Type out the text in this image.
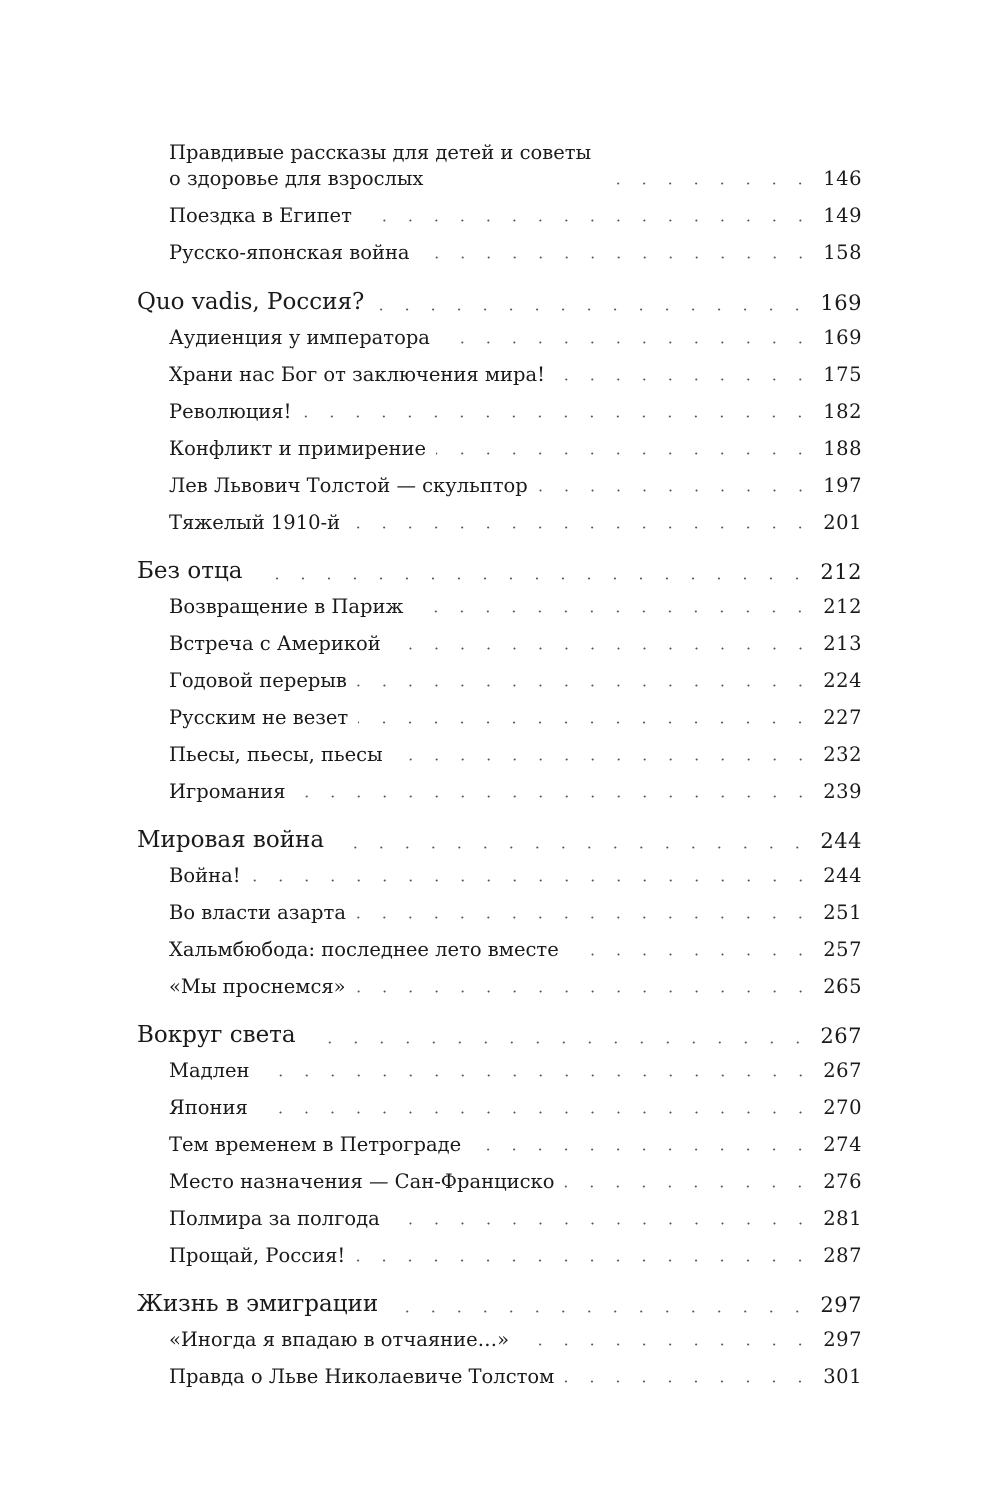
Правдивые рассказы для детей и советы
о здоровье для взрослых	146
Поездка в Египет	149
Русско-японская война	158
Quo vadis, Россия?	169
Аудиенция у императора	169
Храни нас Бог от заключения мира!	175
Революция!	182
Конфликт и примирение	188
Лев Львович Толстой — скульптор	197
Тяжелый 1910-й	201
Без отца	212
Возвращение в Париж	212
Встреча с Америкой	213
Годовой перерыв	224
Русским не везет	227
Пьесы, пьесы, пьесы	232
Игромания	239
Мировая война	244
Война!	244
Во власти азарта	251
Хальмбюбода: последнее лето вместе	257
«Мы проснемся»	265
Вокруг света	267
Мадлен	267
Япония	270
Тем временем в Петрограде	274
Место назначения — Сан-Франциско	276
Полмира за полгода	281
Прощай, Россия!	287
Жизнь в эмиграции	297
«Иногда я впадаю в отчаяние…»	297
Правда о Льве Николаевиче Толстом	301
